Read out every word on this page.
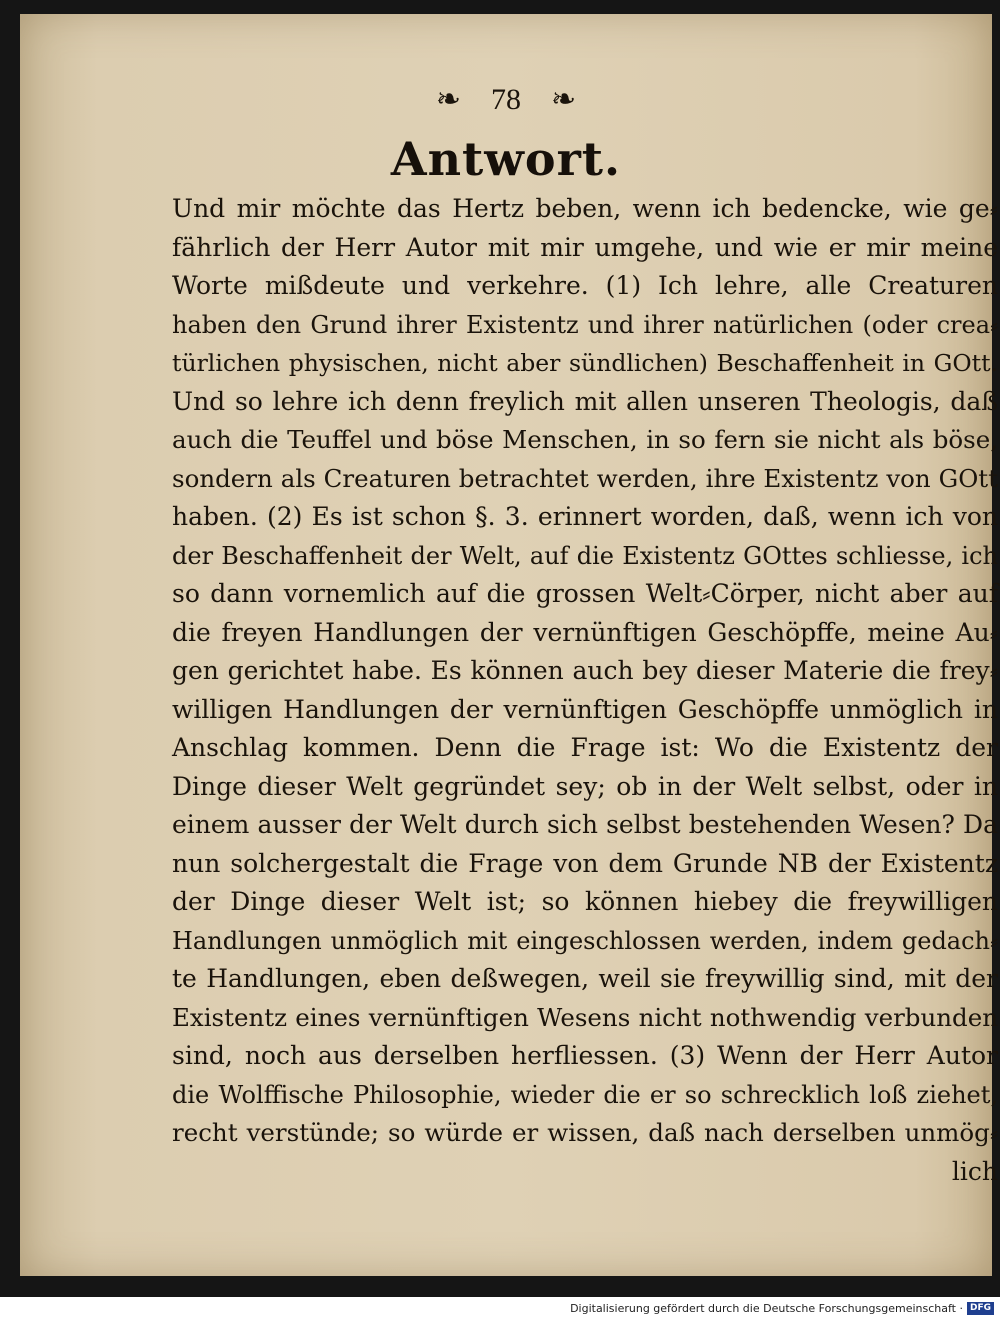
❧ 78 ❧
Antwort.
Und mir möchte das Hertz beben, wenn ich bedencke, wie ge⸗
fährlich der Herr Autor mit mir umgehe, und wie er mir meine
Worte mißdeute und verkehre. (1) Ich lehre, alle Creaturen
haben den Grund ihrer Existentz und ihrer natürlichen (oder crea⸗
türlichen physischen, nicht aber sündlichen) Beschaffenheit in GOtt.
Und so lehre ich denn freylich mit allen unseren Theologis, daß
auch die Teuffel und böse Menschen, in so fern sie nicht als böse,
sondern als Creaturen betrachtet werden, ihre Existentz von GOtt
haben. (2) Es ist schon §. 3. erinnert worden, daß, wenn ich von
der Beschaffenheit der Welt, auf die Existentz GOttes schliesse, ich
so dann vornemlich auf die grossen Welt⸗Cörper, nicht aber auf
die freyen Handlungen der vernünftigen Geschöpffe, meine Au⸗
gen gerichtet habe. Es können auch bey dieser Materie die frey⸗
willigen Handlungen der vernünftigen Geschöpffe unmöglich in
Anschlag kommen. Denn die Frage ist: Wo die Existentz der
Dinge dieser Welt gegründet sey; ob in der Welt selbst, oder in
einem ausser der Welt durch sich selbst bestehenden Wesen? Da
nun solchergestalt die Frage von dem Grunde NB der Existentz
der Dinge dieser Welt ist; so können hiebey die freywilligen
Handlungen unmöglich mit eingeschlossen werden, indem gedach⸗
te Handlungen, eben deßwegen, weil sie freywillig sind, mit der
Existentz eines vernünftigen Wesens nicht nothwendig verbunden
sind, noch aus derselben herfliessen. (3) Wenn der Herr Autor
die Wolffische Philosophie, wieder die er so schrecklich loß ziehet,
recht verstünde; so würde er wissen, daß nach derselben unmög⸗
lich
Digitalisierung gefördert durch die Deutsche Forschungsgemeinschaft · DFG
